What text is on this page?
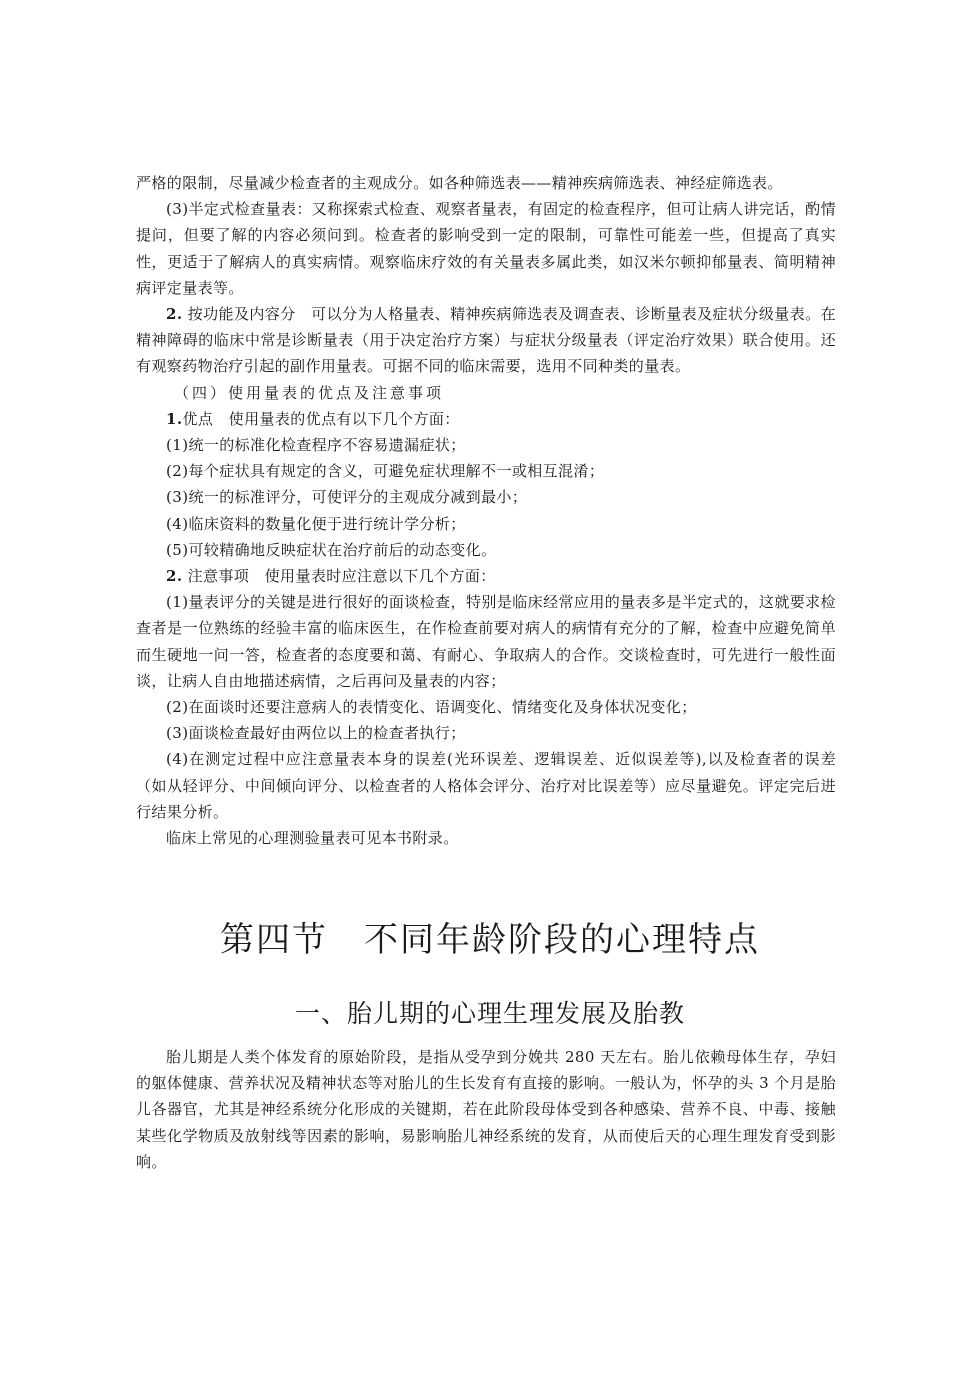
严格的限制，尽量减少检查者的主观成分。如各种筛选表——精神疾病筛选表、神经症筛选表。

(3)半定式检查量表：又称探索式检查、观察者量表，有固定的检查程序，但可让病人讲完话，酌情提问，但要了解的内容必须问到。检查者的影响受到一定的限制，可靠性可能差一些，但提高了真实性，更适于了解病人的真实病情。观察临床疗效的有关量表多属此类，如汉米尔顿抑郁量表、简明精神病评定量表等。

2. 按功能及内容分　可以分为人格量表、精神疾病筛选表及调查表、诊断量表及症状分级量表。在精神障碍的临床中常是诊断量表（用于决定治疗方案）与症状分级量表（评定治疗效果）联合使用。还有观察药物治疗引起的副作用量表。可据不同的临床需要，选用不同种类的量表。

（四）使用量表的优点及注意事项

1.优点　使用量表的优点有以下几个方面：

(1)统一的标准化检查程序不容易遗漏症状；

(2)每个症状具有规定的含义，可避免症状理解不一或相互混淆；

(3)统一的标准评分，可使评分的主观成分减到最小；

(4)临床资料的数量化便于进行统计学分析；

(5)可较精确地反映症状在治疗前后的动态变化。

2. 注意事项　使用量表时应注意以下几个方面：

(1)量表评分的关键是进行很好的面谈检查，特别是临床经常应用的量表多是半定式的，这就要求检查者是一位熟练的经验丰富的临床医生，在作检查前要对病人的病情有充分的了解，检查中应避免简单而生硬地一问一答，检查者的态度要和蔼、有耐心、争取病人的合作。交谈检查时，可先进行一般性面谈，让病人自由地描述病情，之后再问及量表的内容；

(2)在面谈时还要注意病人的表情变化、语调变化、情绪变化及身体状况变化；

(3)面谈检查最好由两位以上的检查者执行；

(4)在测定过程中应注意量表本身的误差(光环误差、逻辑误差、近似误差等),以及检查者的误差（如从轻评分、中间倾向评分、以检查者的人格体会评分、治疗对比误差等）应尽量避免。评定完后进行结果分析。

临床上常见的心理测验量表可见本书附录。

第四节　不同年龄阶段的心理特点
一、胎儿期的心理生理发展及胎教

胎儿期是人类个体发育的原始阶段，是指从受孕到分娩共 280 天左右。胎儿依赖母体生存，孕妇的躯体健康、营养状况及精神状态等对胎儿的生长发育有直接的影响。一般认为，怀孕的头 3 个月是胎儿各器官，尤其是神经系统分化形成的关键期，若在此阶段母体受到各种感染、营养不良、中毒、接触某些化学物质及放射线等因素的影响，易影响胎儿神经系统的发育，从而使后天的心理生理发育受到影响。
